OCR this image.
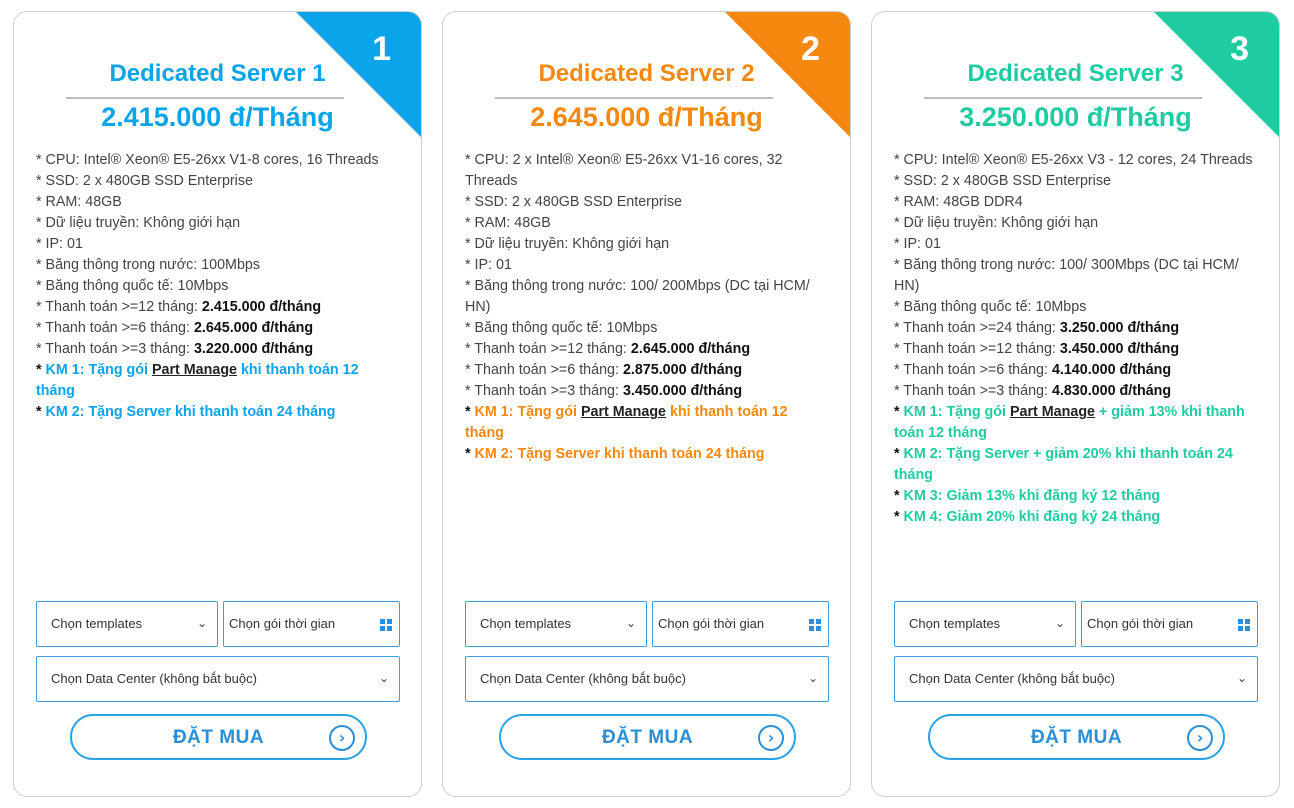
1
Dedicated Server 1
2.415.000 đ/Tháng
* CPU: Intel® Xeon® E5-26xx V1-8 cores, 16 Threads
* SSD: 2 x 480GB SSD Enterprise
* RAM: 48GB
* Dữ liệu truyền: Không giới hạn
* IP: 01
* Băng thông trong nước: 100Mbps
* Băng thông quốc tế: 10Mbps
* Thanh toán >=12 tháng: 2.415.000 đ/tháng
* Thanh toán >=6 tháng: 2.645.000 đ/tháng
* Thanh toán >=3 tháng: 3.220.000 đ/tháng
* KM 1: Tặng gói Part Manage khi thanh toán 12 tháng
* KM 2: Tặng Server khi thanh toán 24 tháng
Chọn templates	⌄	Chọn gói thời gian
Chọn Data Center (không bắt buộc)	⌄
ĐẶT MUA	›
2
Dedicated Server 2
2.645.000 đ/Tháng
* CPU: 2 x Intel® Xeon® E5-26xx V1-16 cores, 32 Threads
* SSD: 2 x 480GB SSD Enterprise
* RAM: 48GB
* Dữ liệu truyền: Không giới hạn
* IP: 01
* Băng thông trong nước: 100/ 200Mbps (DC tại HCM/ HN)
* Băng thông quốc tế: 10Mbps
* Thanh toán >=12 tháng: 2.645.000 đ/tháng
* Thanh toán >=6 tháng: 2.875.000 đ/tháng
* Thanh toán >=3 tháng: 3.450.000 đ/tháng
* KM 1: Tặng gói Part Manage khi thanh toán 12 tháng
* KM 2: Tặng Server khi thanh toán 24 tháng
Chọn templates	⌄	Chọn gói thời gian
Chọn Data Center (không bắt buộc)	⌄
ĐẶT MUA	›
3
Dedicated Server 3
3.250.000 đ/Tháng
* CPU: Intel® Xeon® E5-26xx V3 - 12 cores, 24 Threads
* SSD: 2 x 480GB SSD Enterprise
* RAM: 48GB DDR4
* Dữ liệu truyền: Không giới hạn
* IP: 01
* Băng thông trong nước: 100/ 300Mbps (DC tại HCM/ HN)
* Băng thông quốc tế: 10Mbps
* Thanh toán >=24 tháng: 3.250.000 đ/tháng
* Thanh toán >=12 tháng: 3.450.000 đ/tháng
* Thanh toán >=6 tháng: 4.140.000 đ/tháng
* Thanh toán >=3 tháng: 4.830.000 đ/tháng
* KM 1: Tặng gói Part Manage + giảm 13% khi thanh toán 12 tháng
* KM 2: Tặng Server + giảm 20% khi thanh toán 24 tháng
* KM 3: Giảm 13% khi đăng ký 12 tháng
* KM 4: Giảm 20% khi đăng ký 24 tháng
Chọn templates	⌄	Chọn gói thời gian
Chọn Data Center (không bắt buộc)	⌄
ĐẶT MUA	›
